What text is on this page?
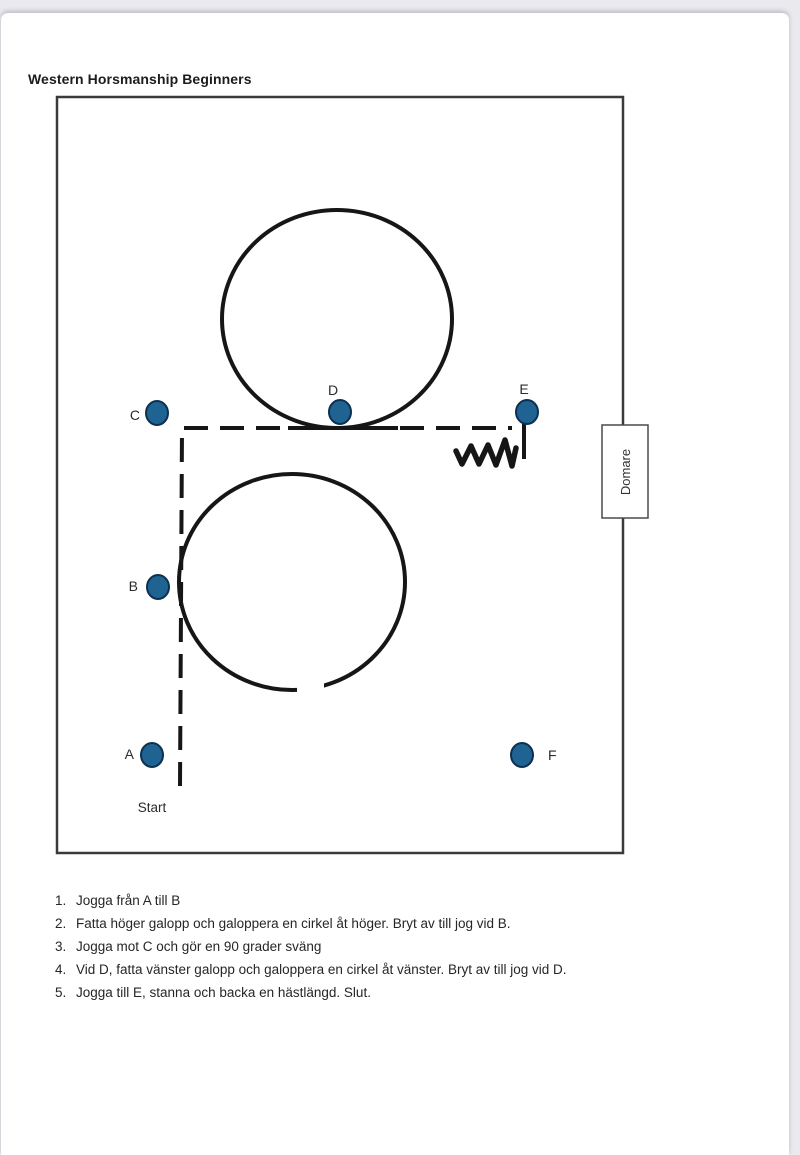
Western Horsmanship Beginners
Domare
A
B
C
D	E
F
Start
1. Jogga från A till B
2. Fatta höger galopp och galoppera en cirkel åt höger. Bryt av till jog vid B.
3. Jogga mot C och gör en 90 grader sväng
4. Vid D, fatta vänster galopp och galoppera en cirkel åt vänster. Bryt av till jog vid D.
5. Jogga till E, stanna och backa en hästlängd. Slut.
